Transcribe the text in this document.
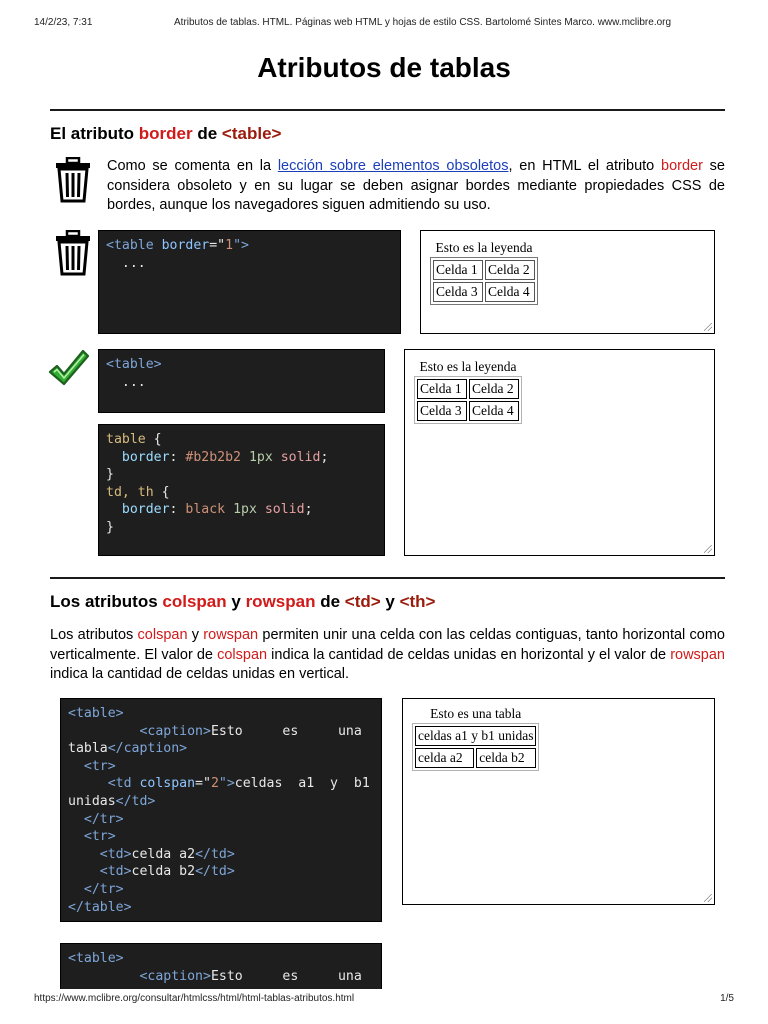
14/2/23, 7:31	Atributos de tablas. HTML. Páginas web HTML y hojas de estilo CSS. Bartolomé Sintes Marco. www.mclibre.org
Atributos de tablas
El atributo border de <table>

Como se comenta en la lección sobre elementos obsoletos, en HTML el atributo border se considera obsoleto y en su lugar se deben asignar bordes mediante propiedades CSS de bordes, aunque los navegadores siguen admitiendo su uso.

<table border="1">
...
Esto es la leyenda
Celda 1	Celda 2
Celda 3	Celda 4
<table>
...
table {
border: #b2b2b2 1px solid;
}
td, th {
border: black 1px solid;
}
Esto es la leyenda
Celda 1	Celda 2
Celda 3	Celda 4
Los atributos colspan y rowspan de <td> y <th>

Los atributos colspan y rowspan permiten unir una celda con las celdas contiguas, tanto horizontal como verticalmente. El valor de colspan indica la cantidad de celdas unidas en horizontal y el valor de rowspan indica la cantidad de celdas unidas en vertical.

<table>
<caption>Esto     es     una
tabla</caption>
<tr>
<td colspan="2">celdas  a1  y  b1
unidas</td>
</tr>
<tr>
<td>celda a2</td>
<td>celda b2</td>
</tr>
</table>
Esto es una tabla
celdas a1 y b1 unidas
celda a2	celda b2
<table>
<caption>Esto     es     una
https://www.mclibre.org/consultar/htmlcss/html/html-tablas-atributos.html	1/5
